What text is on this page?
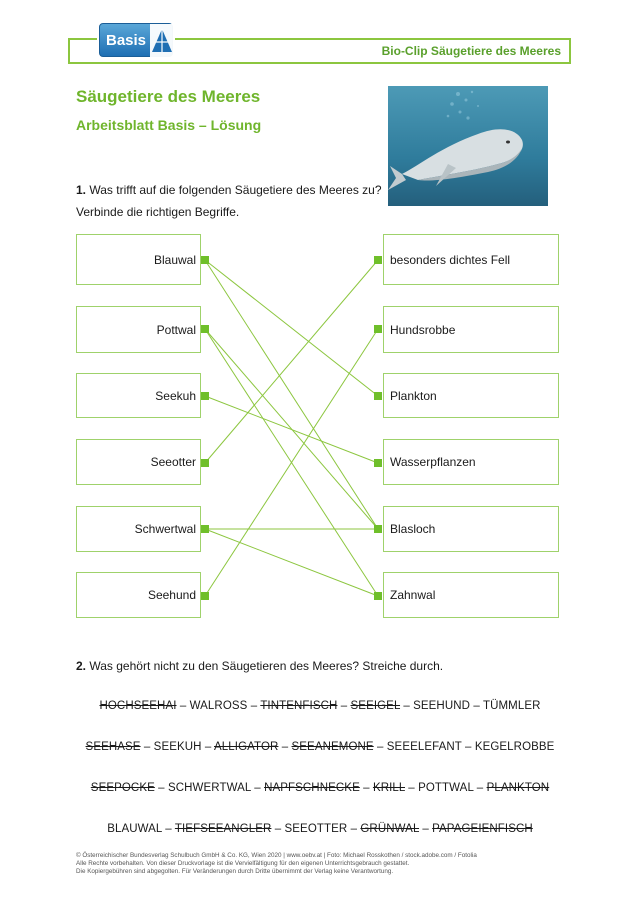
Bio-Clip Säugetiere des Meeres
Basis
Säugetiere des Meeres
Arbeitsblatt Basis – Lösung
1. Was trifft auf die folgenden Säugetiere des Meeres zu?
Verbinde die richtigen Begriffe.
Blauwal
Pottwal
Seekuh
Seeotter
Schwertwal
Seehund
besonders dichtes Fell
Hundsrobbe
Plankton
Wasserpflanzen
Blasloch
Zahnwal
2. Was gehört nicht zu den Säugetieren des Meeres? Streiche durch.
HOCHSEEHAI – WALROSS – TINTENFISCH – SEEIGEL – SEEHUND – TÜMMLER
SEEHASE – SEEKUH – ALLIGATOR – SEEANEMONE – SEEELEFANT – KEGELROBBE
SEEPOCKE – SCHWERTWAL – NAPFSCHNECKE – KRILL – POTTWAL – PLANKTON
BLAUWAL – TIEFSEEANGLER – SEEOTTER – GRÜNWAL – PAPAGEIENFISCH
© Österreichischer Bundesverlag Schulbuch GmbH & Co. KG, Wien 2020 | www.oebv.at | Foto: Michael Rosskothen / stock.adobe.com / Fotolia
Alle Rechte vorbehalten. Von dieser Druckvorlage ist die Vervielfältigung für den eigenen Unterrichtsgebrauch gestattet.
Die Kopiergebühren sind abgegolten. Für Veränderungen durch Dritte übernimmt der Verlag keine Verantwortung.
